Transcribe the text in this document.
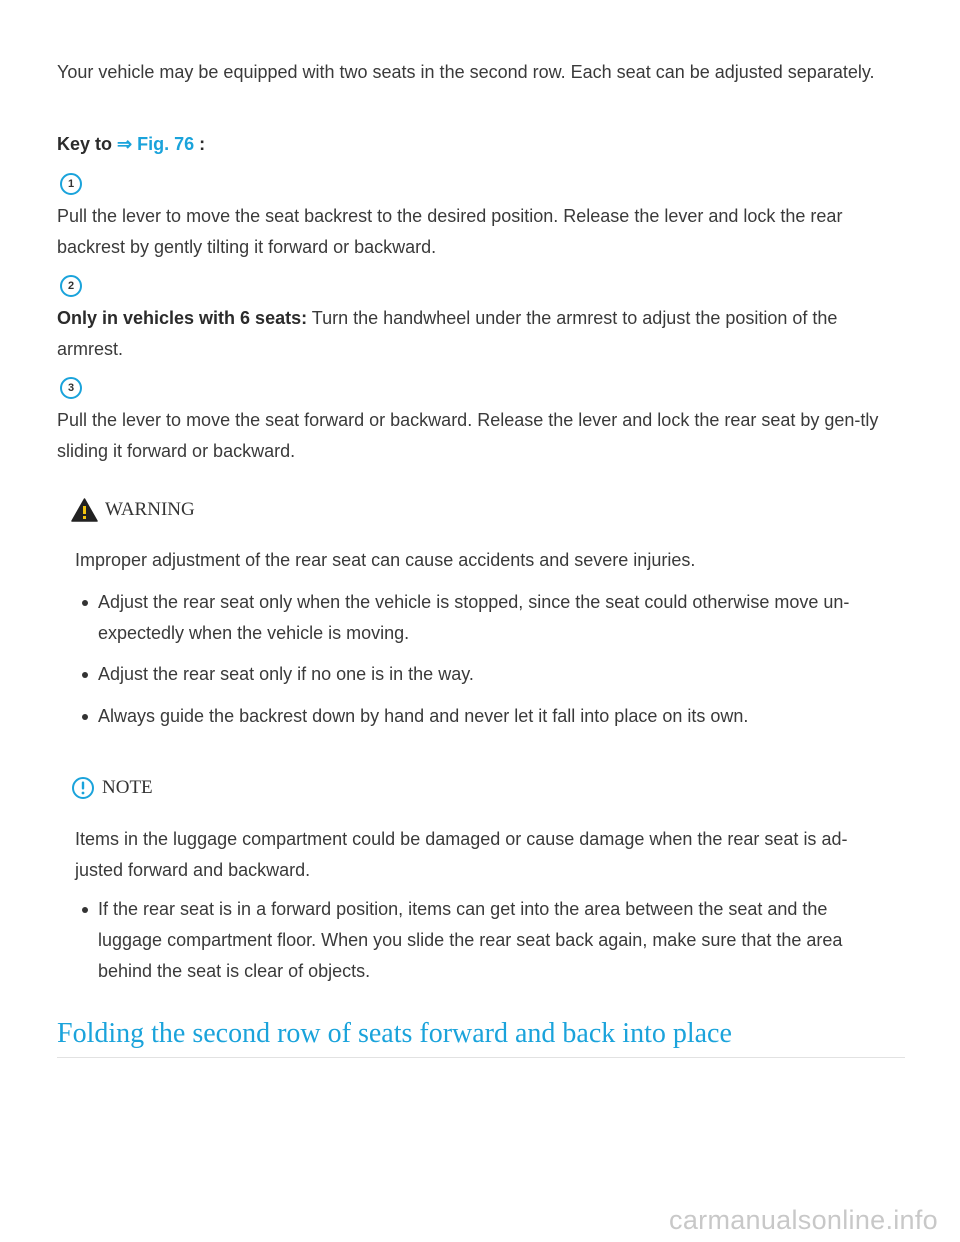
Your vehicle may be equipped with two seats in the second row. Each seat can be adjusted separately.

Key to ⇒ Fig. 76 :

1

Pull the lever to move the seat backrest to the desired position. Release the lever and lock the rear backrest by gently tilting it forward or backward.

2

Only in vehicles with 6 seats: Turn the handwheel under the armrest to adjust the position of the armrest.

3

Pull the lever to move the seat forward or backward. Release the lever and lock the rear seat by gen-tly sliding it forward or backward.

WARNING

Improper adjustment of the rear seat can cause accidents and severe injuries.

Adjust the rear seat only when the vehicle is stopped, since the seat could otherwise move un-expectedly when the vehicle is moving.
Adjust the rear seat only if no one is in the way.
Always guide the backrest down by hand and never let it fall into place on its own.
NOTE

Items in the luggage compartment could be damaged or cause damage when the rear seat is ad-justed forward and backward.

If the rear seat is in a forward position, items can get into the area between the seat and the luggage compartment floor. When you slide the rear seat back again, make sure that the area behind the seat is clear of objects.
Folding the second row of seats forward and back into place
carmanualsonline.info
